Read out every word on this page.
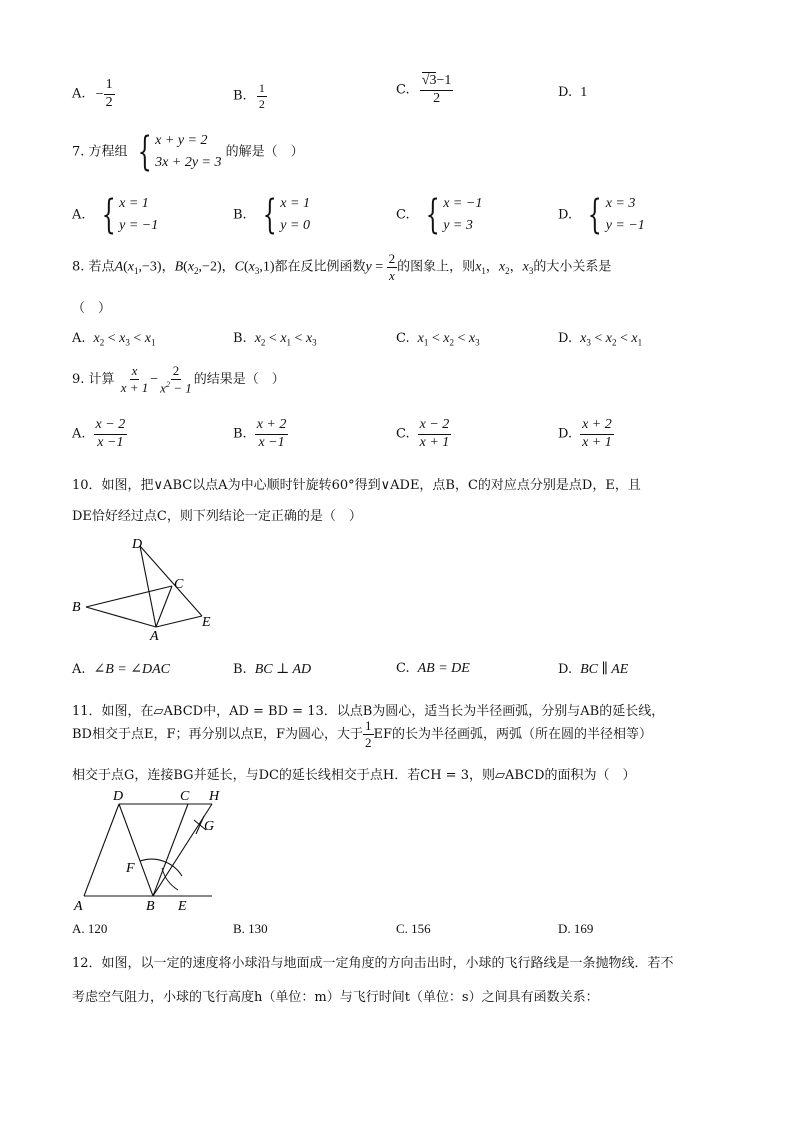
A. − $\frac{1}{2}$	B. $\frac{1}{2}$	C. $\frac{√3-1}{2}$	D. 1
7. 方程组 { x + y = 2
3x + 2y = 3
的解是（　）
A. { x = 1
y = −1
B. { x = 1
y = 0
C. { x = −1
y = 3
D. { x = 3
y = −1
8. 若点$A(x_1,-3)$，$B(x_2,-2)$，$C(x_3,1)$都在反比例函数$y = \frac{2}{x}$ 的图象上，则$x_1$，$x_2$，$x_3$的大小关系是
（　）
A. $x_2 < x_3 < x_1$	B. $x_2 < x_1 < x_3$	C. $x_1 < x_2 < x_3$	D. $x_3 < x_2 < x_1$
9. 计算 $\frac{x}{x + 1} - \frac{2}{x^2 - 1}$ 的结果是（　）
A. $\frac{x - 2}{x -1}$	B. $\frac{x + 2}{x -1}$	C. $\frac{x - 2}{x + 1}$	D. $\frac{x + 2}{x + 1}$
10．如图，把∨ABC以点A为中心顺时针旋转60°得到∨ADE，点B，C的对应点分别是点D，E，且
DE恰好经过点C，则下列结论一定正确的是（　）
D
C
B
A
E
A. ∠B = ∠DAC	B. BC ⊥ AD	C. AB = DE	D. BC ∥ AE
11．如图，在▱ABCD中，AD = BD = 13．以点B为圆心，适当长为半径画弧，分别与AB的延长线，
BD相交于点E，F；再分别以点E，F为圆心，大于 $\frac{1}{2}$ EF的长为半径画弧，两弧（所在圆的半径相等）
相交于点G，连接BG并延长，与DC的延长线相交于点H．若CH = 3，则▱ABCD的面积为（　）
D	C H
G
F
A	B E
A. 120	B. 130	C. 156	D. 169
12．如图，以一定的速度将小球沿与地面成一定角度的方向击出时，小球的飞行路线是一条抛物线．若不
考虑空气阻力，小球的飞行高度h（单位：m）与飞行时间t（单位：s）之间具有函数关系：
